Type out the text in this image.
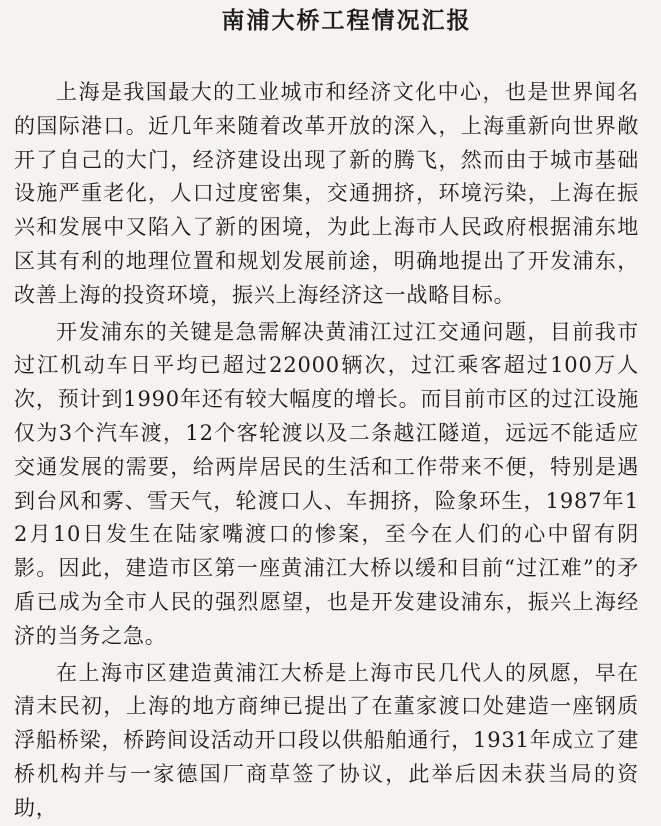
南浦大桥工程情况汇报

上海是我国最大的工业城市和经济文化中心，也是世界闻名的国际港口。近几年来随着改革开放的深入，上海重新向世界敞开了自己的大门，经济建设出现了新的腾飞，然而由于城市基础设施严重老化，人口过度密集，交通拥挤，环境污染，上海在振兴和发展中又陷入了新的困境，为此上海市人民政府根据浦东地区其有利的地理位置和规划发展前途，明确地提出了开发浦东，改善上海的投资环境，振兴上海经济这一战略目标。

开发浦东的关键是急需解决黄浦江过江交通问题，目前我市过江机动车日平均已超过22000辆次，过江乘客超过100万人次，预计到1990年还有较大幅度的增长。而目前市区的过江设施仅为3个汽车渡，12个客轮渡以及二条越江隧道，远远不能适应交通发展的需要，给两岸居民的生活和工作带来不便，特别是遇到台风和雾、雪天气，轮渡口人、车拥挤，险象环生，1987年12月10日发生在陆家嘴渡口的惨案，至今在人们的心中留有阴影。因此，建造市区第一座黄浦江大桥以缓和目前“过江难”的矛盾已成为全市人民的强烈愿望，也是开发建设浦东，振兴上海经济的当务之急。

在上海市区建造黄浦江大桥是上海市民几代人的夙愿，早在清末民初，上海的地方商绅已提出了在董家渡口处建造一座钢质浮船桥梁，桥跨间设活动开口段以供船舶通行，1931年成立了建桥机构并与一家德国厂商草签了协议，此举后因未获当局的资助，
